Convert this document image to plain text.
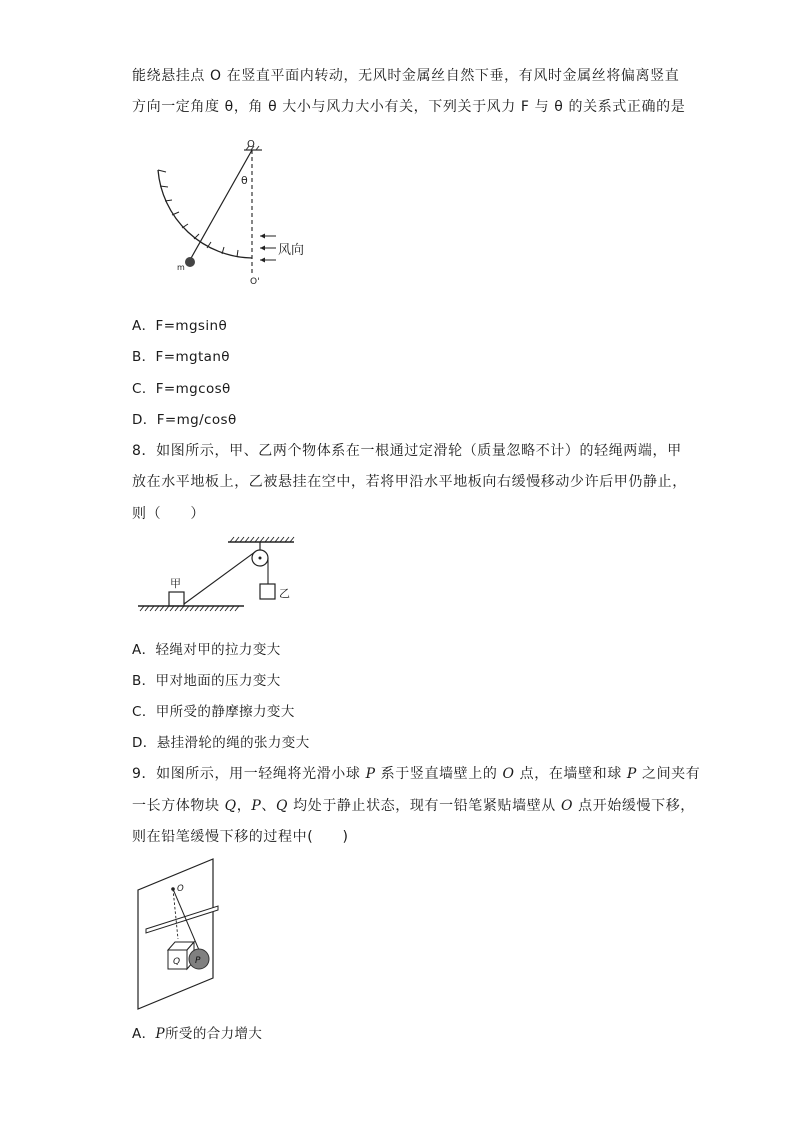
能绕悬挂点 O 在竖直平面内转动，无风时金属丝自然下垂，有风时金属丝将偏离竖直
方向一定角度 θ，角 θ 大小与风力大小有关，下列关于风力 F 与 θ 的关系式正确的是
O
θ
m
O'
风向
A．F=mgsinθ
B．F=mgtanθ
C．F=mgcosθ
D．F=mg/cosθ
8．如图所示，甲、乙两个物体系在一根通过定滑轮（质量忽略不计）的轻绳两端，甲
放在水平地板上，乙被悬挂在空中，若将甲沿水平地板向右缓慢移动少许后甲仍静止，
则（　　）
乙
甲
A．轻绳对甲的拉力变大
B．甲对地面的压力变大
C．甲所受的静摩擦力变大
D．悬挂滑轮的绳的张力变大
9．如图所示，用一轻绳将光滑小球 P 系于竖直墙壁上的 O 点，在墙壁和球 P 之间夹有
一长方体物块 Q，P、Q 均处于静止状态，现有一铅笔紧贴墙壁从 O 点开始缓慢下移，
则在铅笔缓慢下移的过程中(　　)
O
Q P
A．P所受的合力增大
